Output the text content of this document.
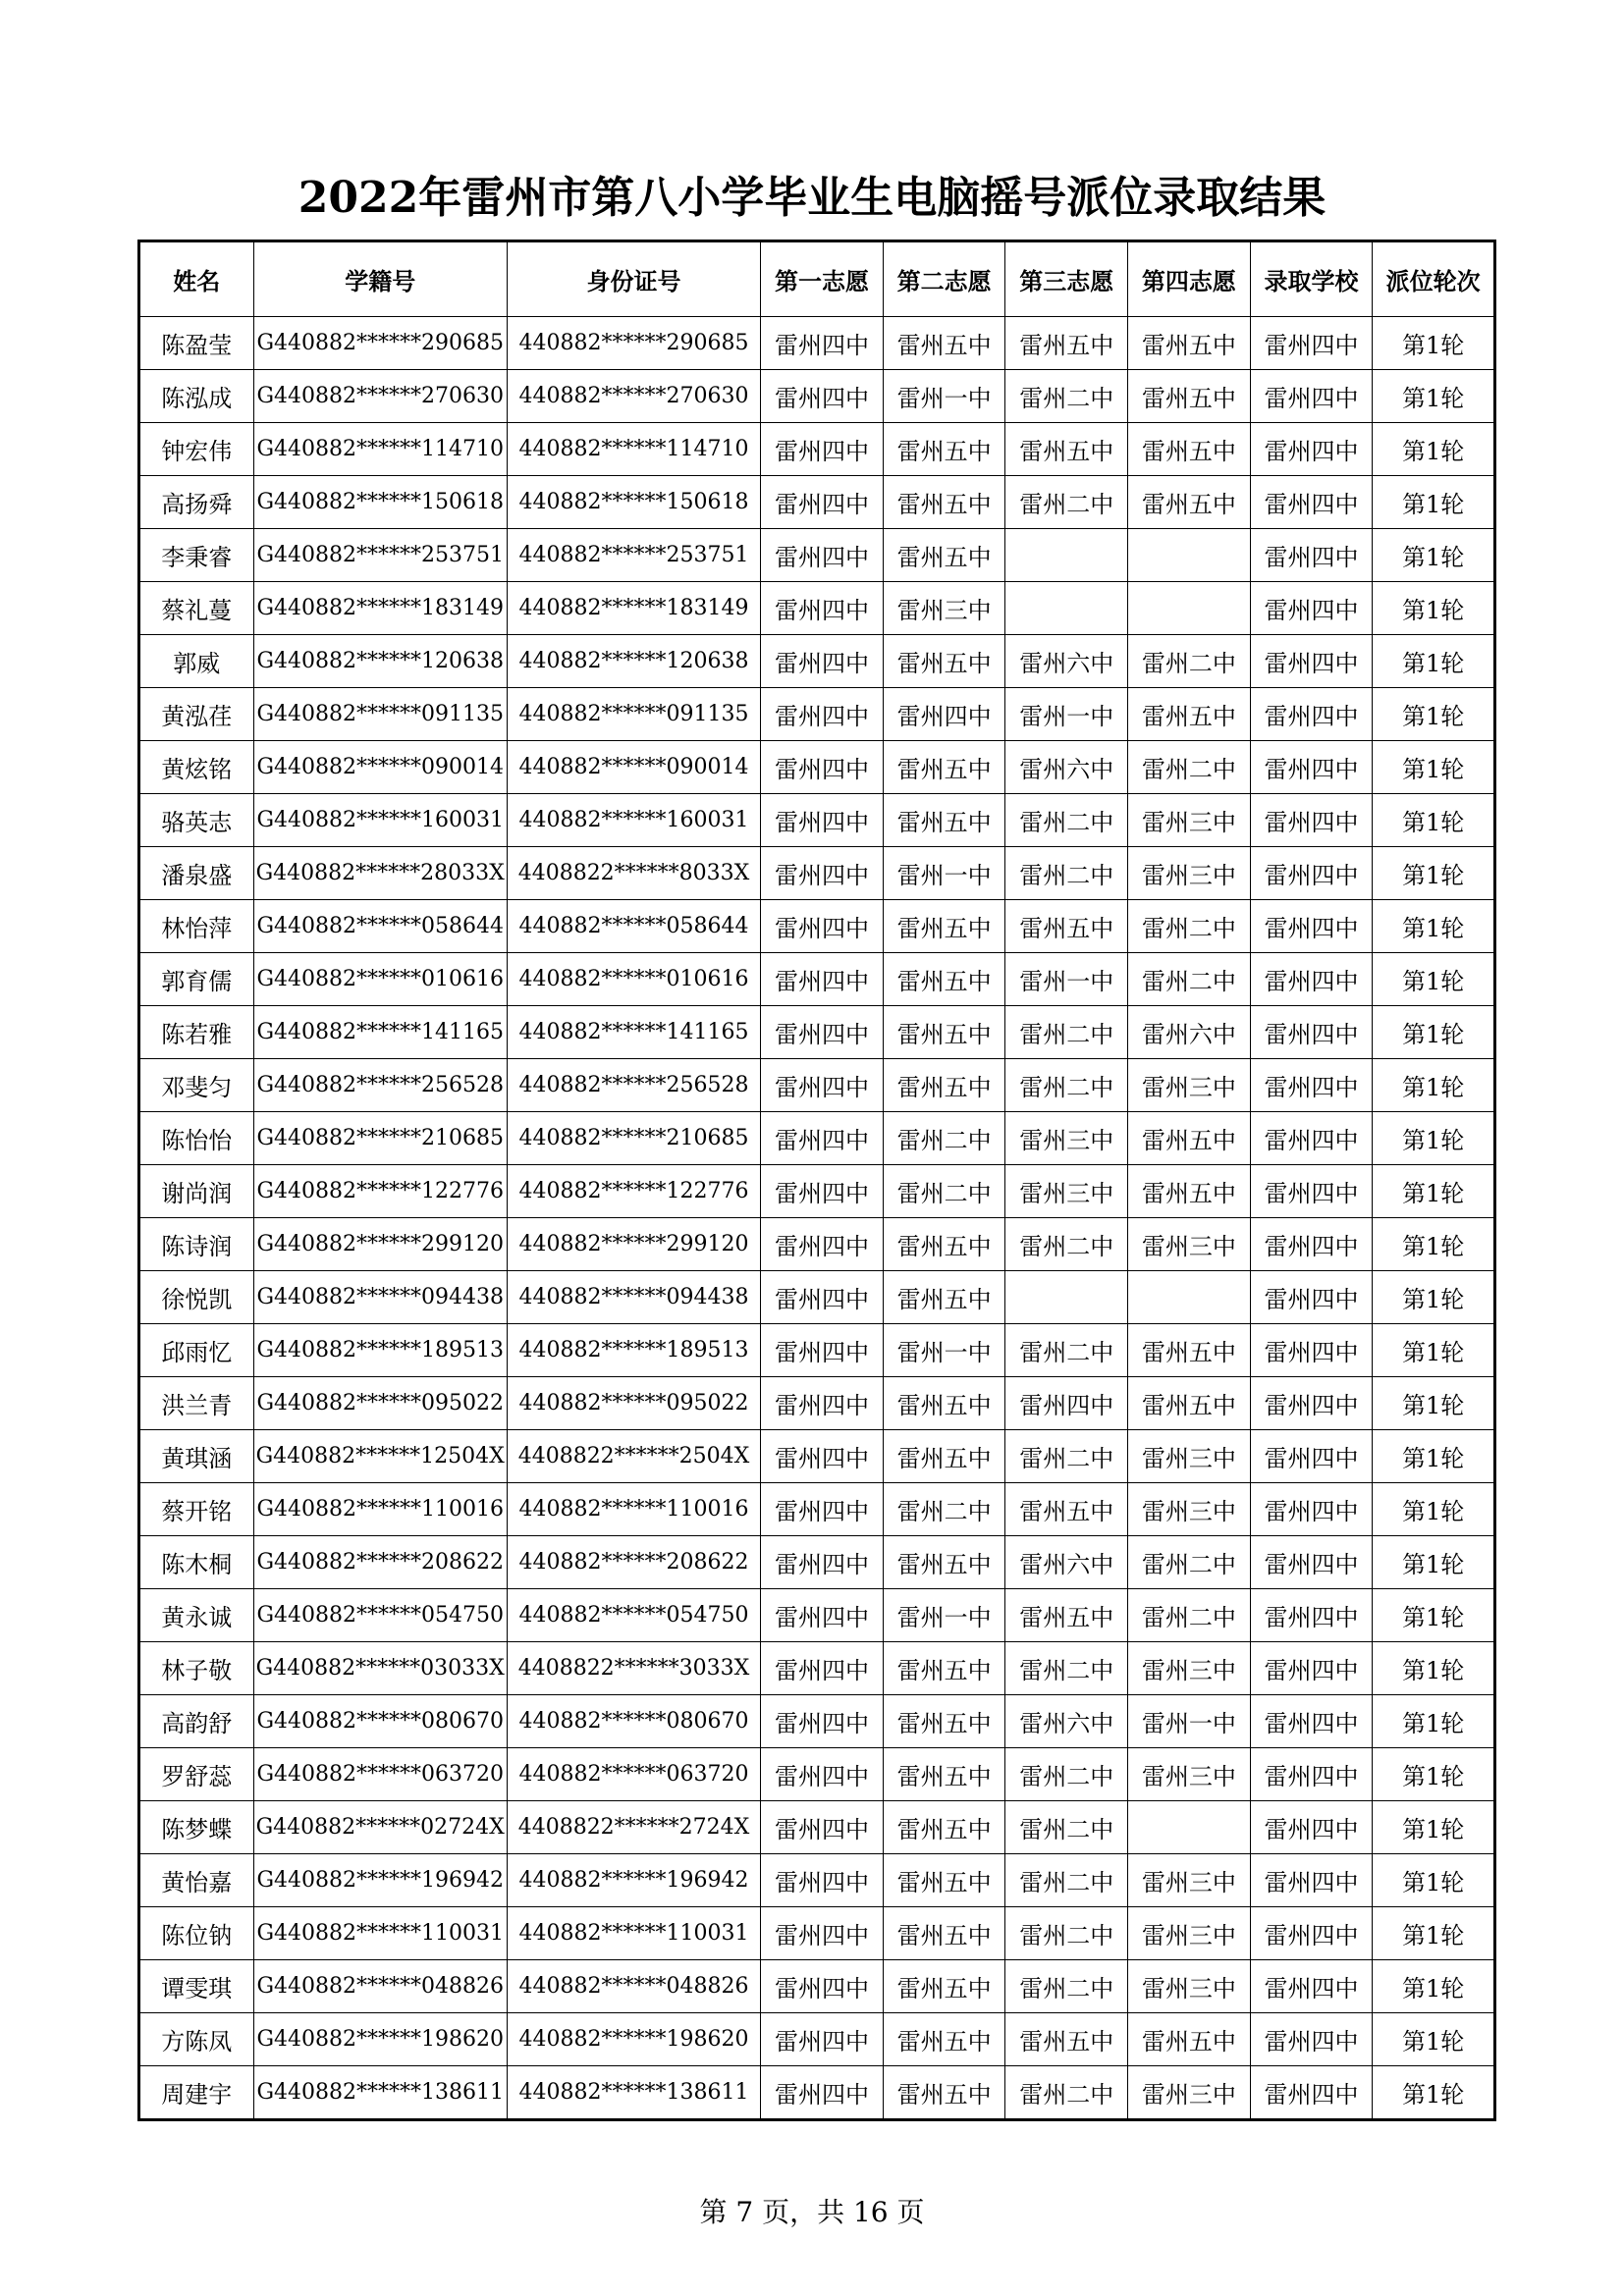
2022年雷州市第八小学毕业生电脑摇号派位录取结果
姓名	学籍号	身份证号	第一志愿	第二志愿	第三志愿	第四志愿	录取学校	派位轮次
陈盈莹	G440882******290685	440882******290685	雷州四中	雷州五中	雷州五中	雷州五中	雷州四中	第1轮
陈泓成	G440882******270630	440882******270630	雷州四中	雷州一中	雷州二中	雷州五中	雷州四中	第1轮
钟宏伟	G440882******114710	440882******114710	雷州四中	雷州五中	雷州五中	雷州五中	雷州四中	第1轮
高扬舜	G440882******150618	440882******150618	雷州四中	雷州五中	雷州二中	雷州五中	雷州四中	第1轮
李秉睿	G440882******253751	440882******253751	雷州四中	雷州五中			雷州四中	第1轮
蔡礼蔓	G440882******183149	440882******183149	雷州四中	雷州三中			雷州四中	第1轮
郭威	G440882******120638	440882******120638	雷州四中	雷州五中	雷州六中	雷州二中	雷州四中	第1轮
黄泓荏	G440882******091135	440882******091135	雷州四中	雷州四中	雷州一中	雷州五中	雷州四中	第1轮
黄炫铭	G440882******090014	440882******090014	雷州四中	雷州五中	雷州六中	雷州二中	雷州四中	第1轮
骆英志	G440882******160031	440882******160031	雷州四中	雷州五中	雷州二中	雷州三中	雷州四中	第1轮
潘泉盛	G440882******28033X	4408822******8033X	雷州四中	雷州一中	雷州二中	雷州三中	雷州四中	第1轮
林怡萍	G440882******058644	440882******058644	雷州四中	雷州五中	雷州五中	雷州二中	雷州四中	第1轮
郭育儒	G440882******010616	440882******010616	雷州四中	雷州五中	雷州一中	雷州二中	雷州四中	第1轮
陈若雅	G440882******141165	440882******141165	雷州四中	雷州五中	雷州二中	雷州六中	雷州四中	第1轮
邓斐匀	G440882******256528	440882******256528	雷州四中	雷州五中	雷州二中	雷州三中	雷州四中	第1轮
陈怡怡	G440882******210685	440882******210685	雷州四中	雷州二中	雷州三中	雷州五中	雷州四中	第1轮
谢尚润	G440882******122776	440882******122776	雷州四中	雷州二中	雷州三中	雷州五中	雷州四中	第1轮
陈诗润	G440882******299120	440882******299120	雷州四中	雷州五中	雷州二中	雷州三中	雷州四中	第1轮
徐悦凯	G440882******094438	440882******094438	雷州四中	雷州五中			雷州四中	第1轮
邱雨忆	G440882******189513	440882******189513	雷州四中	雷州一中	雷州二中	雷州五中	雷州四中	第1轮
洪兰青	G440882******095022	440882******095022	雷州四中	雷州五中	雷州四中	雷州五中	雷州四中	第1轮
黄琪涵	G440882******12504X	4408822******2504X	雷州四中	雷州五中	雷州二中	雷州三中	雷州四中	第1轮
蔡开铭	G440882******110016	440882******110016	雷州四中	雷州二中	雷州五中	雷州三中	雷州四中	第1轮
陈木桐	G440882******208622	440882******208622	雷州四中	雷州五中	雷州六中	雷州二中	雷州四中	第1轮
黄永诚	G440882******054750	440882******054750	雷州四中	雷州一中	雷州五中	雷州二中	雷州四中	第1轮
林子敬	G440882******03033X	4408822******3033X	雷州四中	雷州五中	雷州二中	雷州三中	雷州四中	第1轮
高韵舒	G440882******080670	440882******080670	雷州四中	雷州五中	雷州六中	雷州一中	雷州四中	第1轮
罗舒蕊	G440882******063720	440882******063720	雷州四中	雷州五中	雷州二中	雷州三中	雷州四中	第1轮
陈梦蝶	G440882******02724X	4408822******2724X	雷州四中	雷州五中	雷州二中		雷州四中	第1轮
黄怡嘉	G440882******196942	440882******196942	雷州四中	雷州五中	雷州二中	雷州三中	雷州四中	第1轮
陈位钠	G440882******110031	440882******110031	雷州四中	雷州五中	雷州二中	雷州三中	雷州四中	第1轮
谭雯琪	G440882******048826	440882******048826	雷州四中	雷州五中	雷州二中	雷州三中	雷州四中	第1轮
方陈凤	G440882******198620	440882******198620	雷州四中	雷州五中	雷州五中	雷州五中	雷州四中	第1轮
周建宇	G440882******138611	440882******138611	雷州四中	雷州五中	雷州二中	雷州三中	雷州四中	第1轮
第 7 页，共 16 页
